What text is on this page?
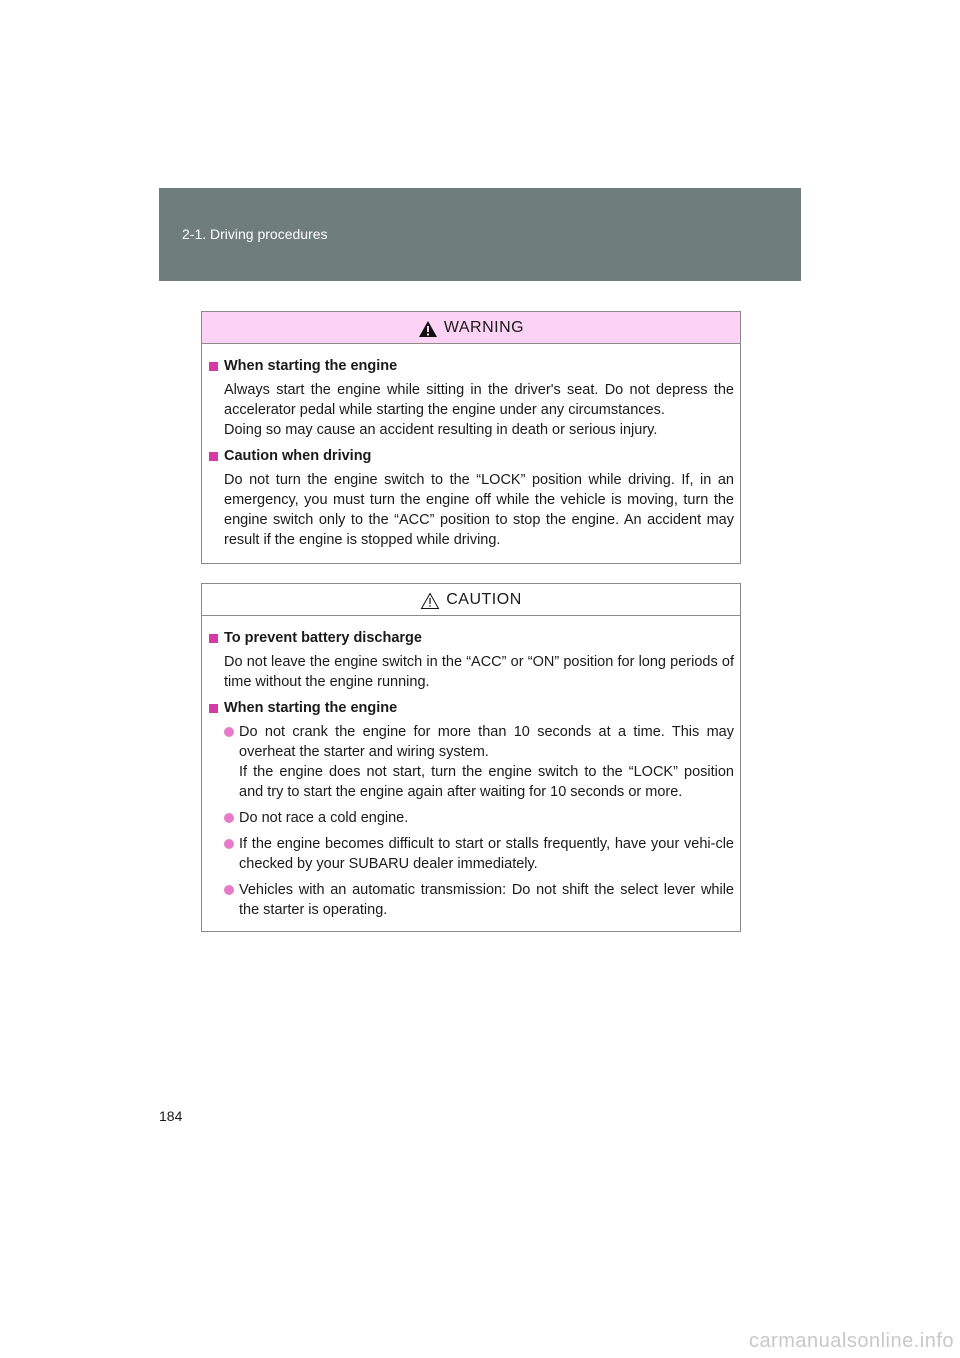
2-1. Driving procedures
WARNING
When starting the engine
Always start the engine while sitting in the driver's seat. Do not depress the accelerator pedal while starting the engine under any circumstances.
Doing so may cause an accident resulting in death or serious injury.
Caution when driving
Do not turn the engine switch to the “LOCK” position while driving. If, in an emergency, you must turn the engine off while the vehicle is moving, turn the engine switch only to the “ACC” position to stop the engine. An accident may result if the engine is stopped while driving.
CAUTION
To prevent battery discharge
Do not leave the engine switch in the “ACC” or “ON” position for long periods of time without the engine running.
When starting the engine
Do not crank the engine for more than 10 seconds at a time. This may overheat the starter and wiring system.
If the engine does not start, turn the engine switch to the “LOCK” position and try to start the engine again after waiting for 10 seconds or more.
Do not race a cold engine.
If the engine becomes difficult to start or stalls frequently, have your vehi-cle checked by your SUBARU dealer immediately.
Vehicles with an automatic transmission: Do not shift the select lever while the starter is operating.
184
carmanualsonline.info
